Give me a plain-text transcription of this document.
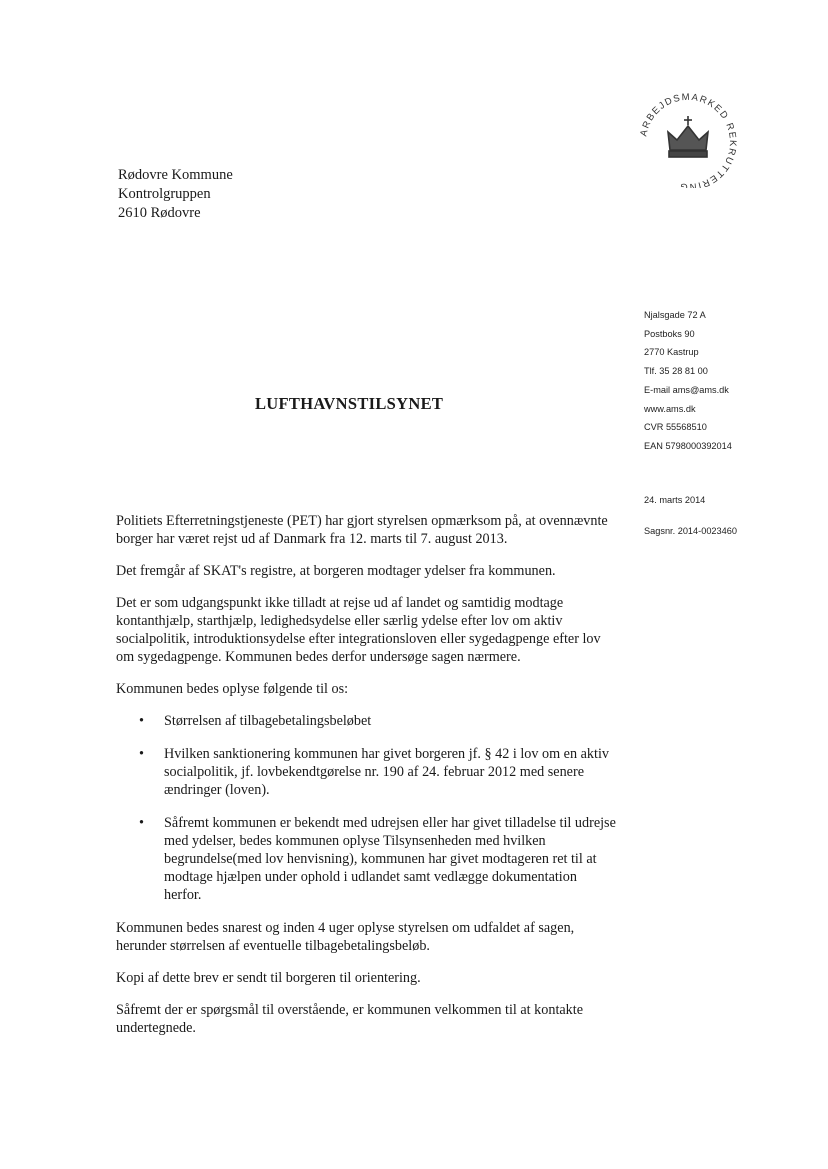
ARBEJDSMARKED REKRUTTERING
Rødovre Kommune
Kontrolgruppen
2610 Rødovre
Njalsgade 72 A
Postboks 90
2770 Kastrup
Tlf. 35 28 81 00
E-mail ams@ams.dk
www.ams.dk
CVR 55568510
EAN 5798000392014
24. marts 2014
Sagsnr. 2014-0023460
LUFTHAVNSTILSYNET

Politiets Efterretningstjeneste (PET) har gjort styrelsen opmærksom på, at ovennævnte borger har været rejst ud af Danmark fra 12. marts til 7. august 2013.

Det fremgår af SKAT's registre, at borgeren modtager ydelser fra kommunen.

Det er som udgangspunkt ikke tilladt at rejse ud af landet og samtidig modtage kontanthjælp, starthjælp, ledighedsydelse eller særlig ydelse efter lov om aktiv socialpolitik, introduktionsydelse efter integrationsloven eller sygedagpenge efter lov om sygedagpenge. Kommunen bedes derfor undersøge sagen nærmere.

Kommunen bedes oplyse følgende til os:

• Størrelsen af tilbagebetalingsbeløbet
• Hvilken sanktionering kommunen har givet borgeren jf. § 42 i lov om en aktiv socialpolitik, jf. lovbekendtgørelse nr. 190 af 24. februar 2012 med senere ændringer (loven).
• Såfremt kommunen er bekendt med udrejsen eller har givet tilladelse til udrejse med ydelser, bedes kommunen oplyse Tilsynsenheden med hvilken begrundelse(med lov henvisning), kommunen har givet modtageren ret til at modtage hjælpen under ophold i udlandet samt vedlægge dokumentation herfor.

Kommunen bedes snarest og inden 4 uger oplyse styrelsen om udfaldet af sagen, herunder størrelsen af eventuelle tilbagebetalingsbeløb.

Kopi af dette brev er sendt til borgeren til orientering.

Såfremt der er spørgsmål til overstående, er kommunen velkommen til at kontakte undertegnede.
